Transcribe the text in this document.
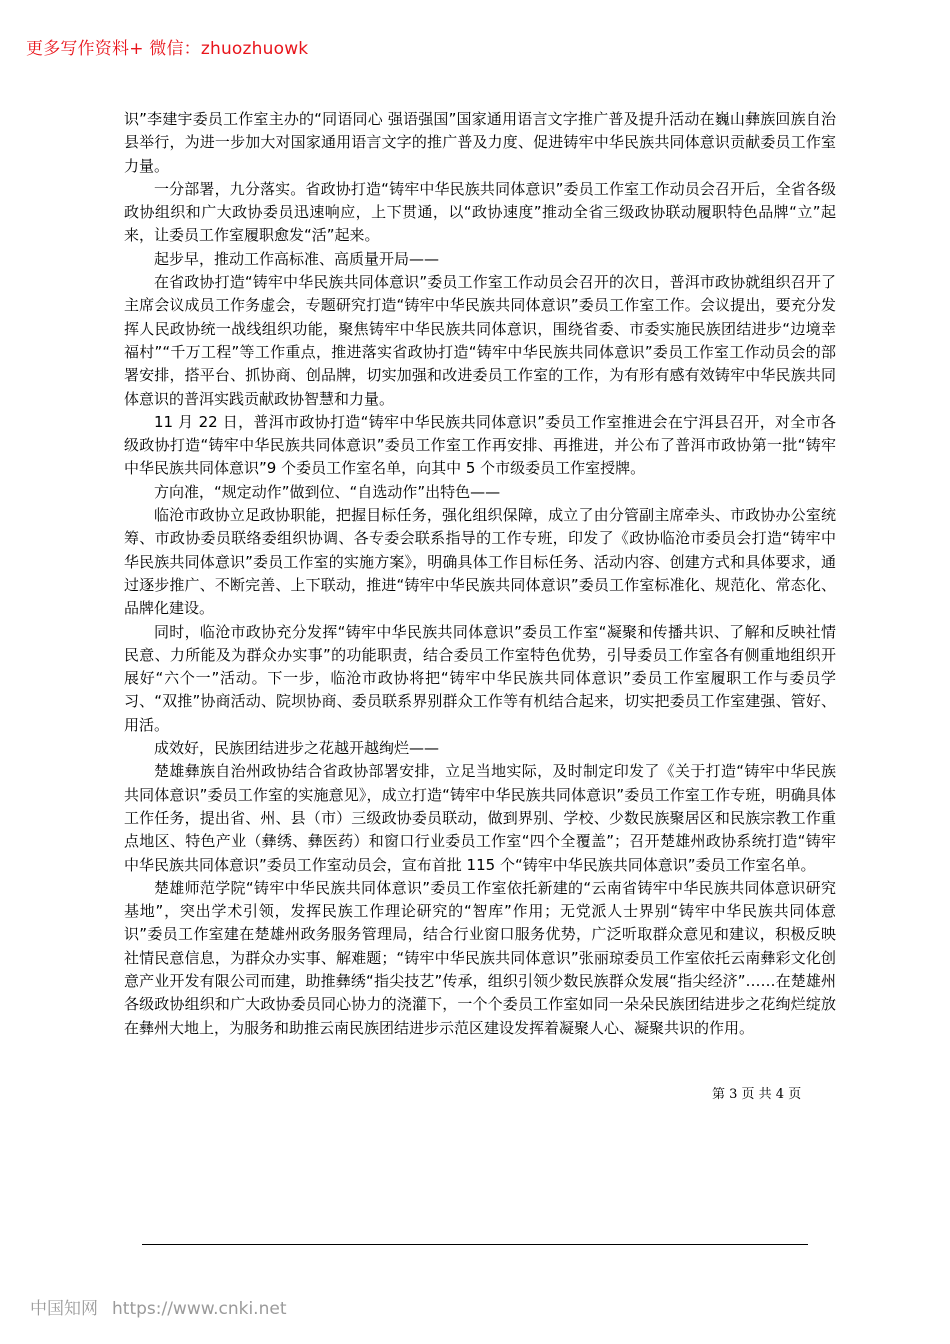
更多写作资料+ 微信：zhuozhuowk

识”李建宇委员工作室主办的“同语同心 强语强国”国家通用语言文字推广普及提升活动在巍山彝族回族自治县举行，为进一步加大对国家通用语言文字的推广普及力度、促进铸牢中华民族共同体意识贡献委员工作室力量。

一分部署，九分落实。省政协打造“铸牢中华民族共同体意识”委员工作室工作动员会召开后，全省各级政协组织和广大政协委员迅速响应，上下贯通，以“政协速度”推动全省三级政协联动履职特色品牌“立”起来，让委员工作室履职愈发“活”起来。

起步早，推动工作高标准、高质量开局——

在省政协打造“铸牢中华民族共同体意识”委员工作室工作动员会召开的次日，普洱市政协就组织召开了主席会议成员工作务虚会，专题研究打造“铸牢中华民族共同体意识”委员工作室工作。会议提出，要充分发挥人民政协统一战线组织功能，聚焦铸牢中华民族共同体意识，围绕省委、市委实施民族团结进步“边境幸福村”“千万工程”等工作重点，推进落实省政协打造“铸牢中华民族共同体意识”委员工作室工作动员会的部署安排，搭平台、抓协商、创品牌，切实加强和改进委员工作室的工作，为有形有感有效铸牢中华民族共同体意识的普洱实践贡献政协智慧和力量。

11 月 22 日，普洱市政协打造“铸牢中华民族共同体意识”委员工作室推进会在宁洱县召开，对全市各级政协打造“铸牢中华民族共同体意识”委员工作室工作再安排、再推进，并公布了普洱市政协第一批“铸牢中华民族共同体意识”9 个委员工作室名单，向其中 5 个市级委员工作室授牌。

方向准，“规定动作”做到位、“自选动作”出特色——

临沧市政协立足政协职能，把握目标任务，强化组织保障，成立了由分管副主席牵头、市政协办公室统筹、市政协委员联络委组织协调、各专委会联系指导的工作专班，印发了《政协临沧市委员会打造“铸牢中华民族共同体意识”委员工作室的实施方案》，明确具体工作目标任务、活动内容、创建方式和具体要求，通过逐步推广、不断完善、上下联动，推进“铸牢中华民族共同体意识”委员工作室标准化、规范化、常态化、品牌化建设。

同时，临沧市政协充分发挥“铸牢中华民族共同体意识”委员工作室“凝聚和传播共识、了解和反映社情民意、力所能及为群众办实事”的功能职责，结合委员工作室特色优势，引导委员工作室各有侧重地组织开展好“六个一”活动。下一步，临沧市政协将把“铸牢中华民族共同体意识”委员工作室履职工作与委员学习、“双推”协商活动、院坝协商、委员联系界别群众工作等有机结合起来，切实把委员工作室建强、管好、用活。

成效好，民族团结进步之花越开越绚烂——

楚雄彝族自治州政协结合省政协部署安排，立足当地实际，及时制定印发了《关于打造“铸牢中华民族共同体意识”委员工作室的实施意见》，成立打造“铸牢中华民族共同体意识”委员工作室工作专班，明确具体工作任务，提出省、州、县（市）三级政协委员联动，做到界别、学校、少数民族聚居区和民族宗教工作重点地区、特色产业（彝绣、彝医药）和窗口行业委员工作室“四个全覆盖”；召开楚雄州政协系统打造“铸牢中华民族共同体意识”委员工作室动员会，宣布首批 115 个“铸牢中华民族共同体意识”委员工作室名单。

楚雄师范学院“铸牢中华民族共同体意识”委员工作室依托新建的“云南省铸牢中华民族共同体意识研究基地”，突出学术引领，发挥民族工作理论研究的“智库”作用；无党派人士界别“铸牢中华民族共同体意识”委员工作室建在楚雄州政务服务管理局，结合行业窗口服务优势，广泛听取群众意见和建议，积极反映社情民意信息，为群众办实事、解难题；“铸牢中华民族共同体意识”张丽琼委员工作室依托云南彝彩文化创意产业开发有限公司而建，助推彝绣“指尖技艺”传承，组织引领少数民族群众发展“指尖经济”……在楚雄州各级政协组织和广大政协委员同心协力的浇灌下，一个个委员工作室如同一朵朵民族团结进步之花绚烂绽放在彝州大地上，为服务和助推云南民族团结进步示范区建设发挥着凝聚人心、凝聚共识的作用。

第 3 页 共 4 页
中国知网 https://www.cnki.net
